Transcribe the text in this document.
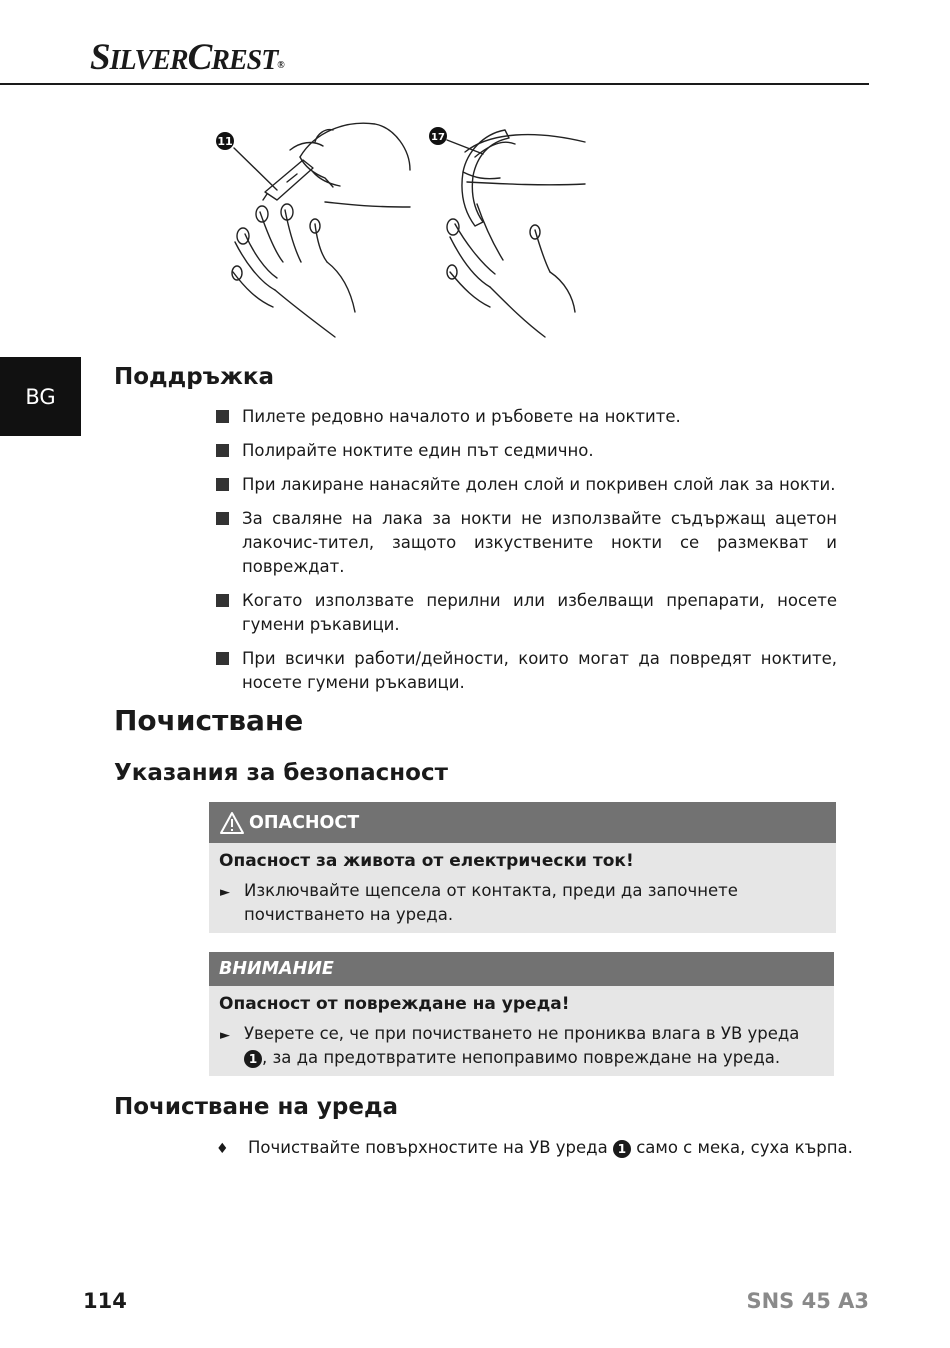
SILVERCREST®
11	17
BG
Поддръжка
Пилете редовно началото и ръбовете на ноктите.
Полирайте ноктите един път седмично.
При лакиране нанасяйте долен слой и покривен слой лак за нокти.
За сваляне на лака за нокти не използвайте съдържащ ацетон лакочис-тител, защото изкуствените нокти се размекват и повреждат.
Когато използвате перилни или избелващи препарати, носете гумени ръкавици.
При всички работи/дейности, които могат да повредят ноктите, носете гумени ръкавици.
Почистване
Указания за безопасност
ОПАСНОСТ
Опасност за живота от електрически ток!
► Изключвайте щепсела от контакта, преди да започнете почистването на уреда.
ВНИМАНИЕ
Опасност от повреждане на уреда!
► Уверете се, че при почистването не прониква влага в УВ уреда 1 , за да предотвратите непоправимо повреждане на уреда.
Почистване на уреда
♦ Почиствайте повърхностите на УВ уреда 1 само с мека, суха кърпа.
114	SNS 45 A3
